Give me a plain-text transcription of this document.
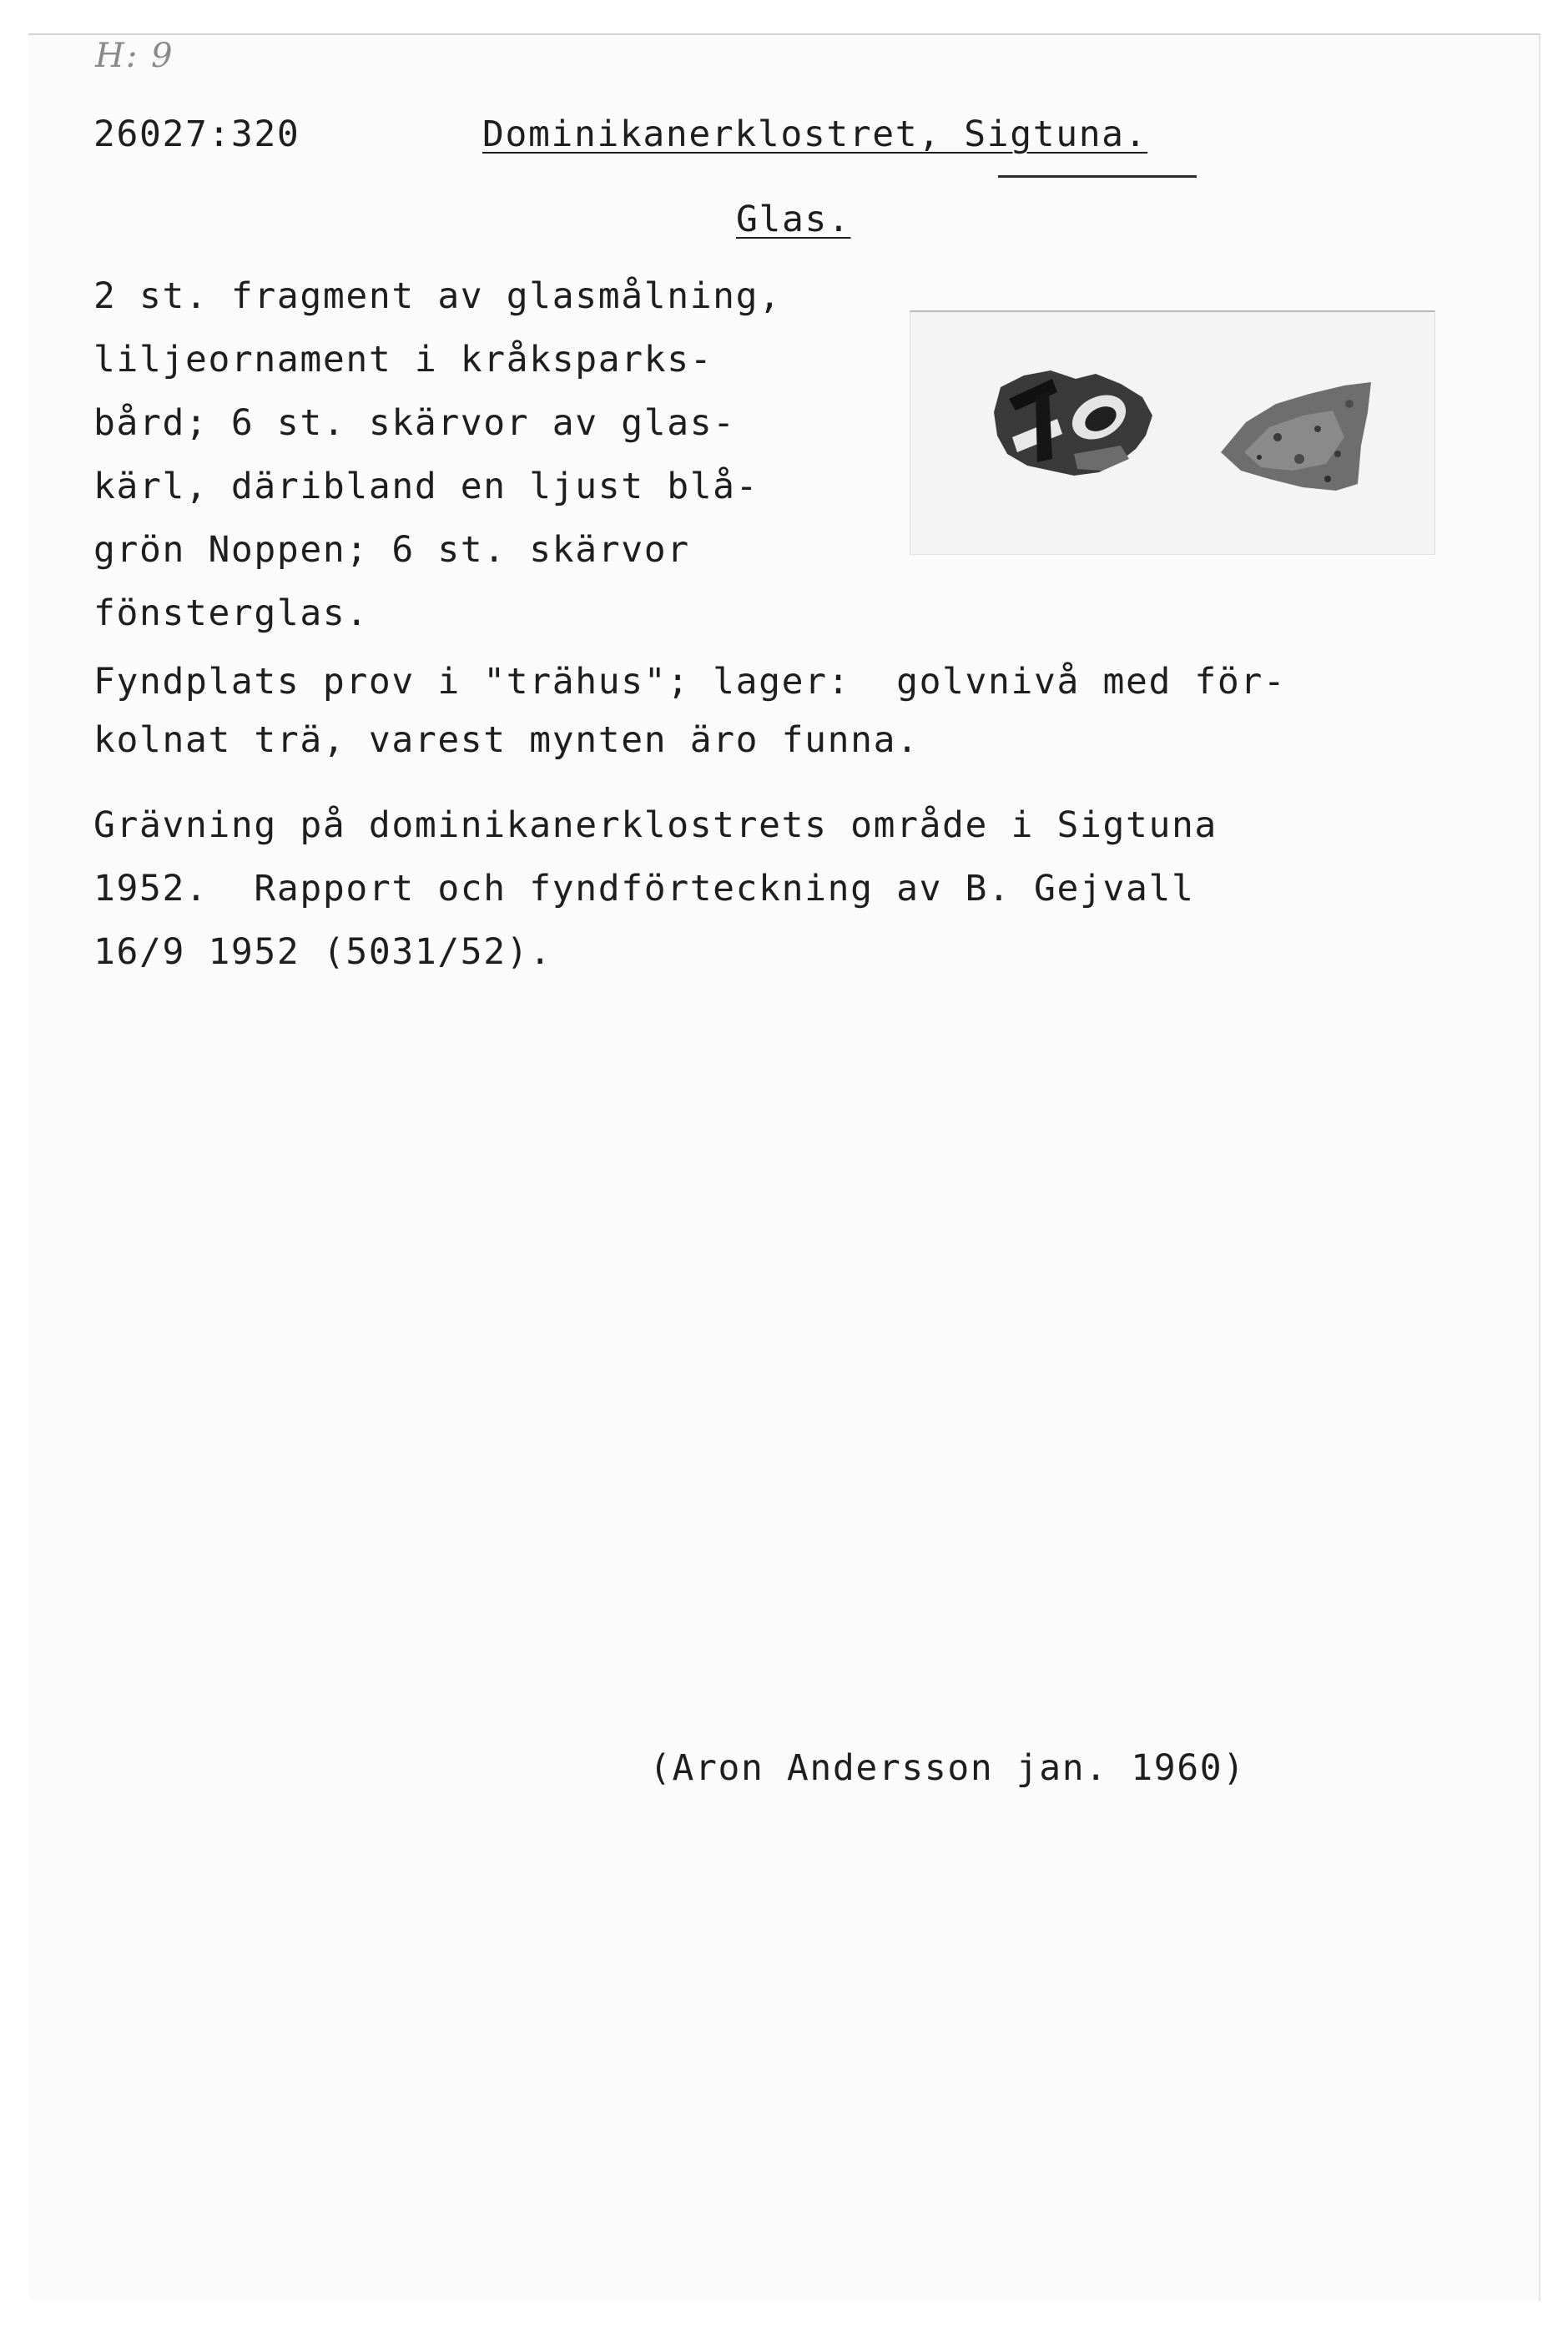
H: 9
26027:320	Dominikanerklostret, Sigtuna.
Glas.
2 st. fragment av glasmålning,
liljeornament i kråksparks-
bård; 6 st. skärvor av glas-
kärl, däribland en ljust blå-
grön Noppen; 6 st. skärvor
fönsterglas.
Fyndplats prov i "trähus"; lager:  golvnivå med för-
kolnat trä, varest mynten äro funna.
Grävning på dominikanerklostrets område i Sigtuna
1952.  Rapport och fyndförteckning av B. Gejvall
16/9 1952 (5031/52).
(Aron Andersson jan. 1960)
